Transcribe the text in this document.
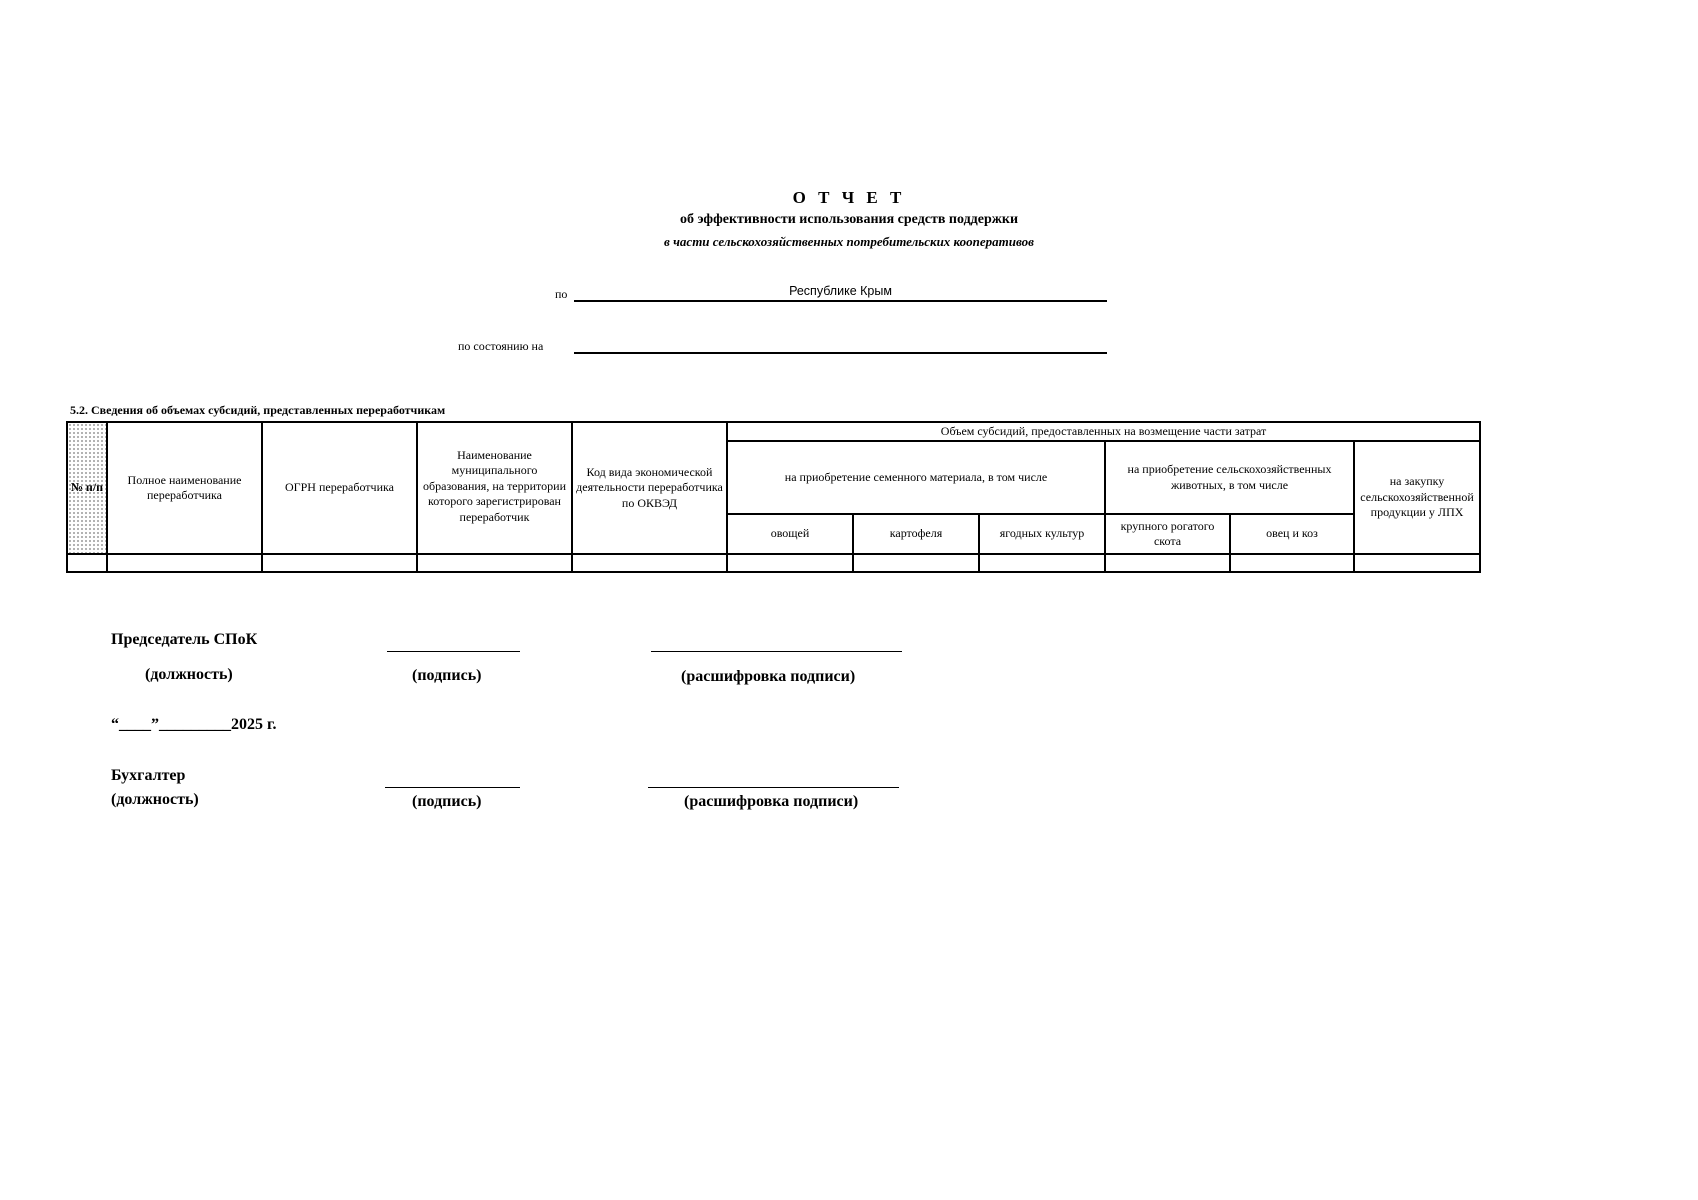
О Т Ч Е Т
об эффективности использования средств поддержки
в части сельскохозяйственных потребительских кооперативов
по	Республике Крым
по состоянию на
5.2. Сведения об объемах субсидий, представленных переработчикам
№ п/п	Полное наименование переработчика	ОГРН переработчика	Наименование муниципального образования, на территории которого зарегистрирован переработчик	Код вида экономической деятельности переработчика по ОКВЭД	Объем субсидий, предоставленных на возмещение части затрат					
					на приобретение семенного материала, в том числе			на приобретение сельскохозяйственных животных, в том числе		на закупку сельскохозяйственной продукции у ЛПХ
					овощей	картофеля	ягодных культур	крупного рогатого скота	овец и коз	

Председатель СПоК
(должность)	(подпись)	(расшифровка подписи)
“____”_________2025 г.
Бухгалтер
(должность)	(подпись)	(расшифровка подписи)
